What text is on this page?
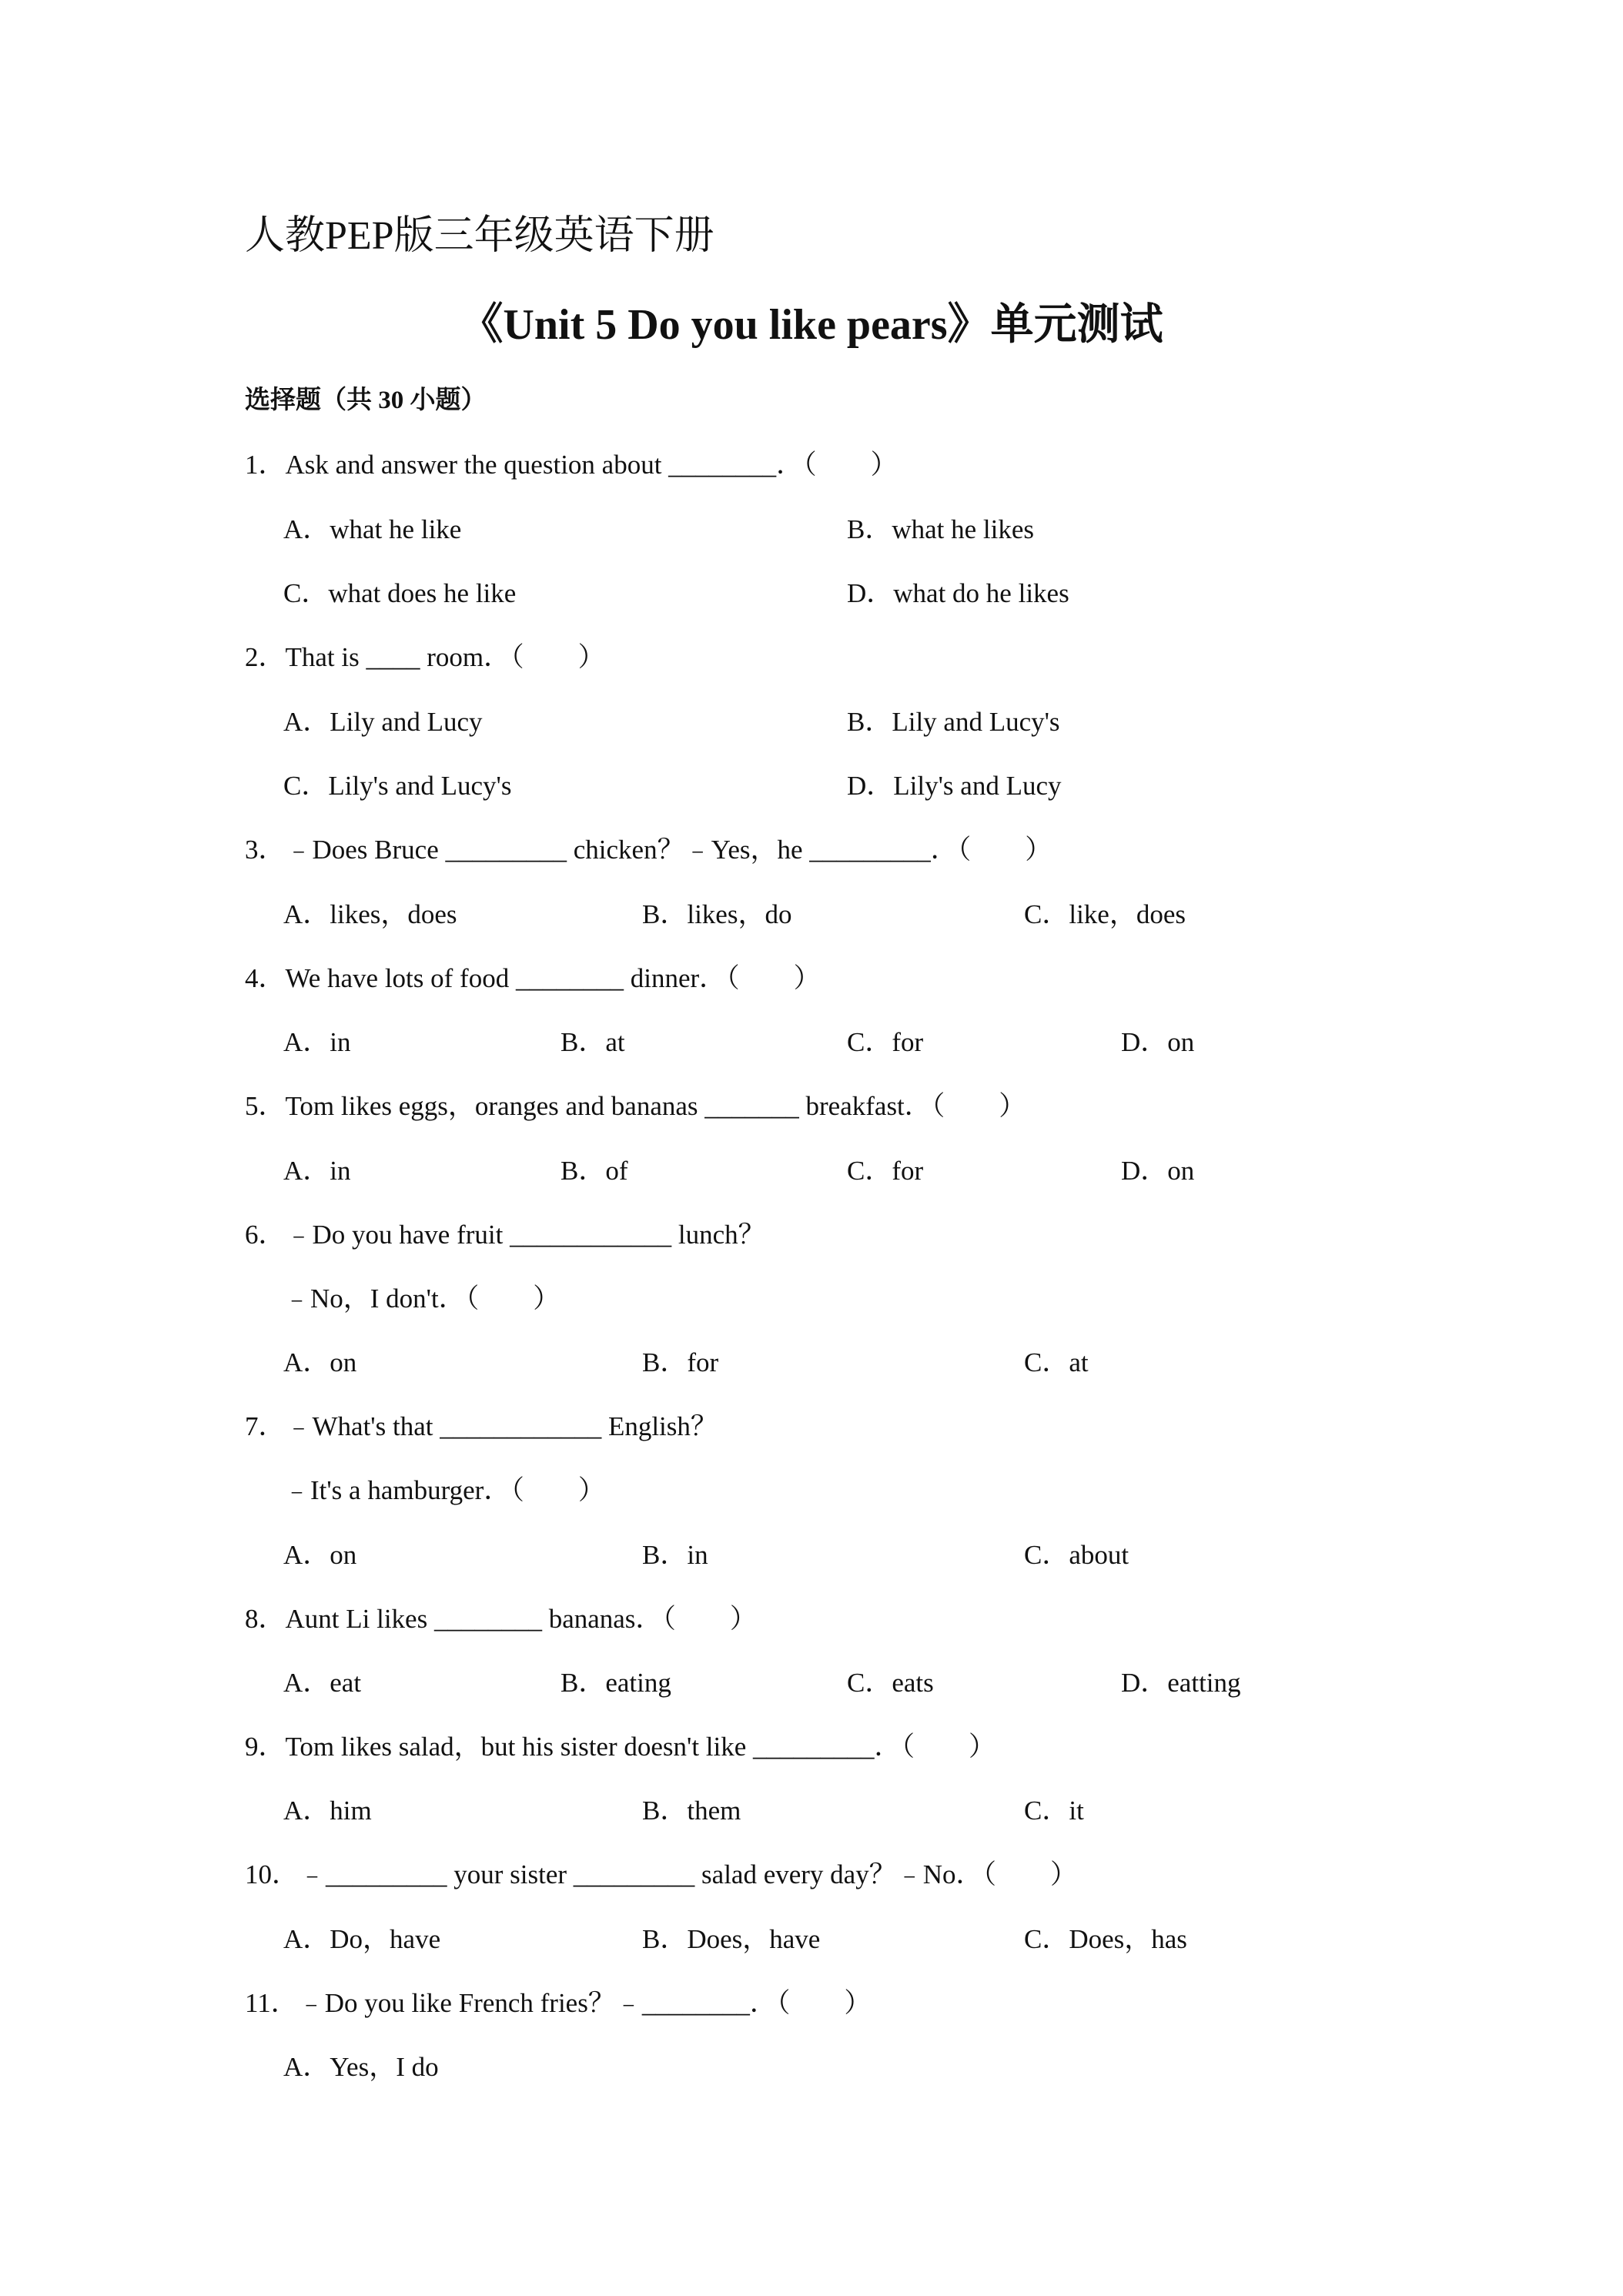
人教PEP版三年级英语下册
《Unit 5 Do you like pears》单元测试
选择题（共 30 小题）
1．Ask and answer the question about ________．（　　）
A．what he like	B．what he likes
C．what does he like	D．what do he likes
2．That is ____ room．（　　）
A．Lily and Lucy	B．Lily and Lucy's
C．Lily's and Lucy's	D．Lily's and Lucy
3．﹣Does Bruce _________ chicken？﹣Yes，he _________．（　　）
A．likes，does	B．likes，do	C．like，does
4．We have lots of food ________ dinner．（　　）
A．in	B．at	C．for	D．on
5．Tom likes eggs，oranges and bananas _______ breakfast．（　　）
A．in	B．of	C．for	D．on
6．﹣Do you have fruit ____________ lunch？
﹣No，I don't．（　　）
A．on	B．for	C．at
7．﹣What's that ____________ English？
﹣It's a hamburger．（　　）
A．on	B．in	C．about
8．Aunt Li likes ________ bananas．（　　）
A．eat	B．eating	C．eats	D．eatting
9．Tom likes salad，but his sister doesn't like _________．（　　）
A．him	B．them	C．it
10．﹣_________ your sister _________ salad every day？﹣No．（　　）
A．Do，have	B．Does，have	C．Does，has
11．﹣Do you like French fries？﹣________．（　　）
A．Yes，I do
